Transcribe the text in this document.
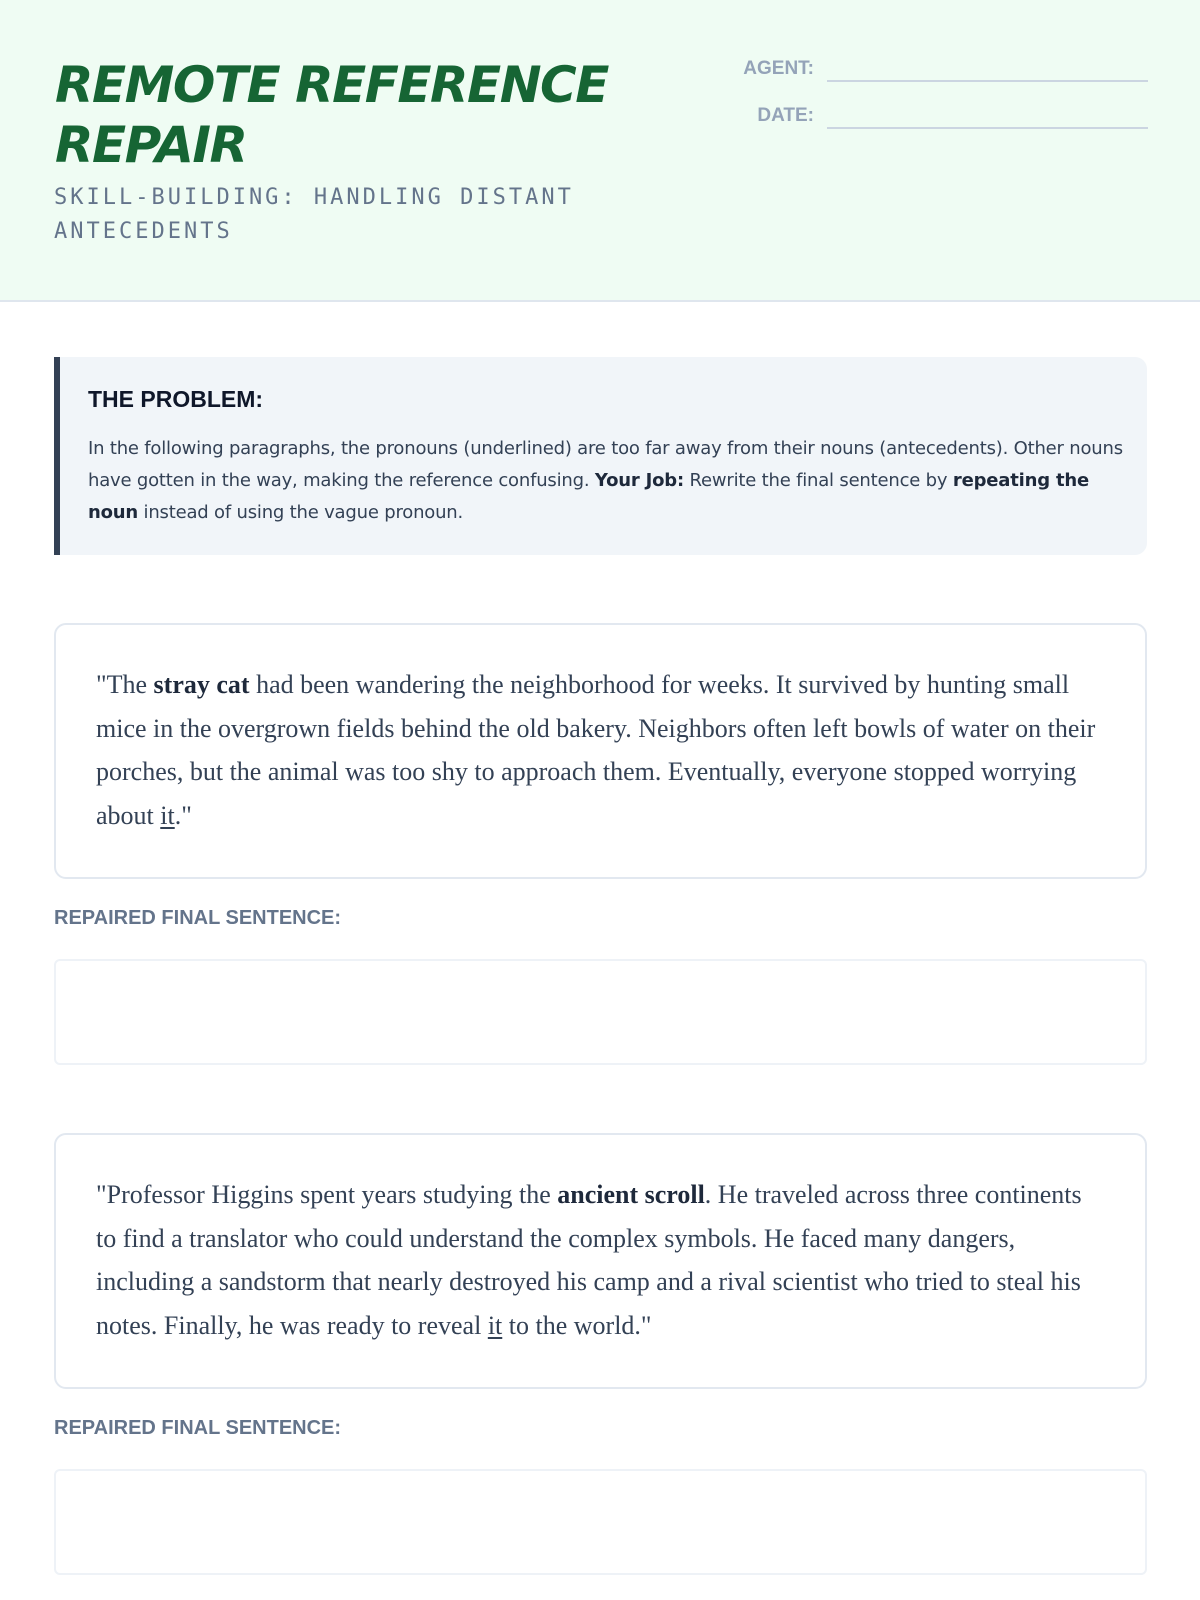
REMOTE REFERENCE REPAIR
SKILL-BUILDING: HANDLING DISTANT ANTECEDENTS
AGENT:
DATE:
THE PROBLEM:
In the following paragraphs, the pronouns (underlined) are too far away from their nouns (antecedents). Other nouns have gotten in the way, making the reference confusing. Your Job: Rewrite the final sentence by repeating the noun instead of using the vague pronoun.
"The stray cat had been wandering the neighborhood for weeks. It survived by hunting small mice in the overgrown fields behind the old bakery. Neighbors often left bowls of water on their porches, but the animal was too shy to approach them. Eventually, everyone stopped worrying about it."
REPAIRED FINAL SENTENCE:
"Professor Higgins spent years studying the ancient scroll. He traveled across three continents to find a translator who could understand the complex symbols. He faced many dangers, including a sandstorm that nearly destroyed his camp and a rival scientist who tried to steal his notes. Finally, he was ready to reveal it to the world."
REPAIRED FINAL SENTENCE:
